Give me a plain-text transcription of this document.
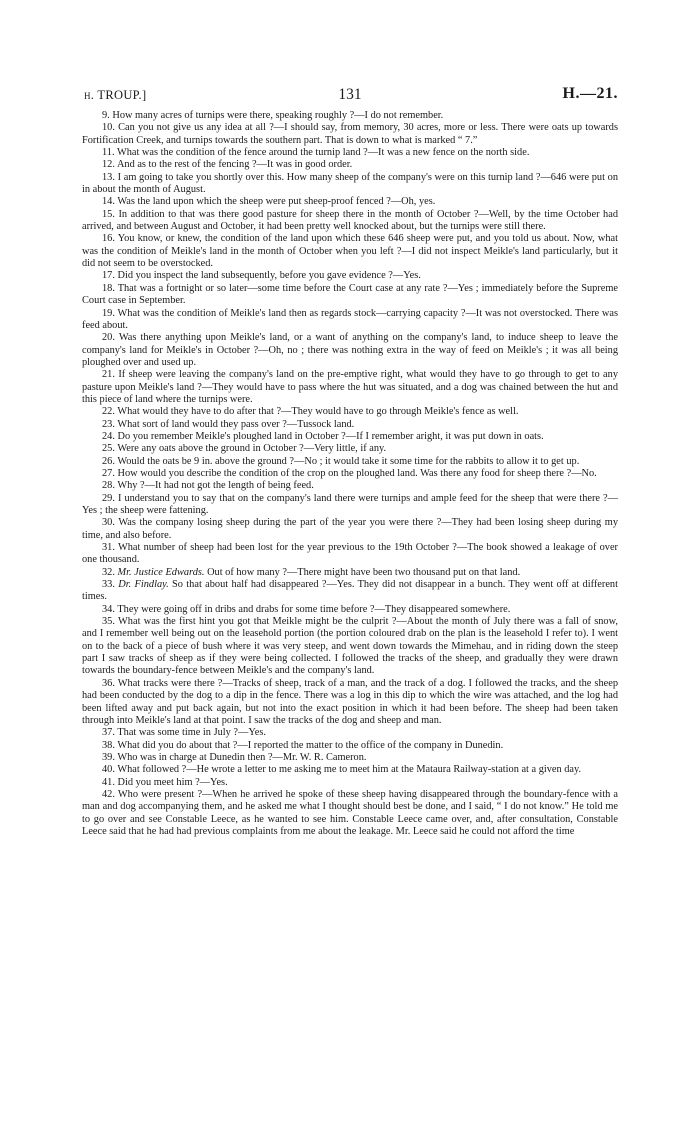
h. TROUP.]	131	H.—21.

9. How many acres of turnips were there, speaking roughly ?—I do not remember.

10. Can you not give us any idea at all ?—I should say, from memory, 30 acres, more or less. There were oats up towards Fortification Creek, and turnips towards the southern part. That is down to what is marked “ 7.”

11. What was the condition of the fence around the turnip land ?—It was a new fence on the north side.

12. And as to the rest of the fencing ?—It was in good order.

13. I am going to take you shortly over this. How many sheep of the company's were on this turnip land ?—646 were put on in about the month of August.

14. Was the land upon which the sheep were put sheep-proof fenced ?—Oh, yes.

15. In addition to that was there good pasture for sheep there in the month of October ?—Well, by the time October had arrived, and between August and October, it had been pretty well knocked about, but the turnips were still there.

16. You know, or knew, the condition of the land upon which these 646 sheep were put, and you told us about. Now, what was the condition of Meikle's land in the month of October when you left ?—I did not inspect Meikle's land particularly, but it did not seem to be overstocked.

17. Did you inspect the land subsequently, before you gave evidence ?—Yes.

18. That was a fortnight or so later—some time before the Court case at any rate ?—Yes ; immediately before the Supreme Court case in September.

19. What was the condition of Meikle's land then as regards stock—carrying capacity ?—It was not overstocked. There was feed about.

20. Was there anything upon Meikle's land, or a want of anything on the company's land, to induce sheep to leave the company's land for Meikle's in October ?—Oh, no ; there was nothing extra in the way of feed on Meikle's ; it was all being ploughed over and used up.

21. If sheep were leaving the company's land on the pre-emptive right, what would they have to go through to get to any pasture upon Meikle's land ?—They would have to pass where the hut was situated, and a dog was chained between the hut and this piece of land where the turnips were.

22. What would they have to do after that ?—They would have to go through Meikle's fence as well.

23. What sort of land would they pass over ?—Tussock land.

24. Do you remember Meikle's ploughed land in October ?—If I remember aright, it was put down in oats.

25. Were any oats above the ground in October ?—Very little, if any.

26. Would the oats be 9 in. above the ground ?—No ; it would take it some time for the rabbits to allow it to get up.

27. How would you describe the condition of the crop on the ploughed land. Was there any food for sheep there ?—No.

28. Why ?—It had not got the length of being feed.

29. I understand you to say that on the company's land there were turnips and ample feed for the sheep that were there ?—Yes ; the sheep were fattening.

30. Was the company losing sheep during the part of the year you were there ?—They had been losing sheep during my time, and also before.

31. What number of sheep had been lost for the year previous to the 19th October ?—The book showed a leakage of over one thousand.

32. Mr. Justice Edwards. Out of how many ?—There might have been two thousand put on that land.

33. Dr. Findlay. So that about half had disappeared ?—Yes. They did not disappear in a bunch. They went off at different times.

34. They were going off in dribs and drabs for some time before ?—They disappeared somewhere.

35. What was the first hint you got that Meikle might be the culprit ?—About the month of July there was a fall of snow, and I remember well being out on the leasehold portion (the portion coloured drab on the plan is the leasehold I refer to). I went on to the back of a piece of bush where it was very steep, and went down towards the Mimehau, and in riding down the steep part I saw tracks of sheep as if they were being collected. I followed the tracks of the sheep, and gradually they were drawn towards the boundary-fence between Meikle's and the company's land.

36. What tracks were there ?—Tracks of sheep, track of a man, and the track of a dog. I followed the tracks, and the sheep had been conducted by the dog to a dip in the fence. There was a log in this dip to which the wire was attached, and the log had been lifted away and put back again, but not into the exact position in which it had been before. The sheep had been taken through into Meikle's land at that point. I saw the tracks of the dog and sheep and man.

37. That was some time in July ?—Yes.

38. What did you do about that ?—I reported the matter to the office of the company in Dunedin.

39. Who was in charge at Dunedin then ?—Mr. W. R. Cameron.

40. What followed ?—He wrote a letter to me asking me to meet him at the Mataura Railway-station at a given day.

41. Did you meet him ?—Yes.

42. Who were present ?—When he arrived he spoke of these sheep having disappeared through the boundary-fence with a man and dog accompanying them, and he asked me what I thought should best be done, and I said, “ I do not know.” He told me to go over and see Constable Leece, as he wanted to see him. Constable Leece came over, and, after consultation, Constable Leece said that he had had previous complaints from me about the leakage. Mr. Leece said he could not afford the time
